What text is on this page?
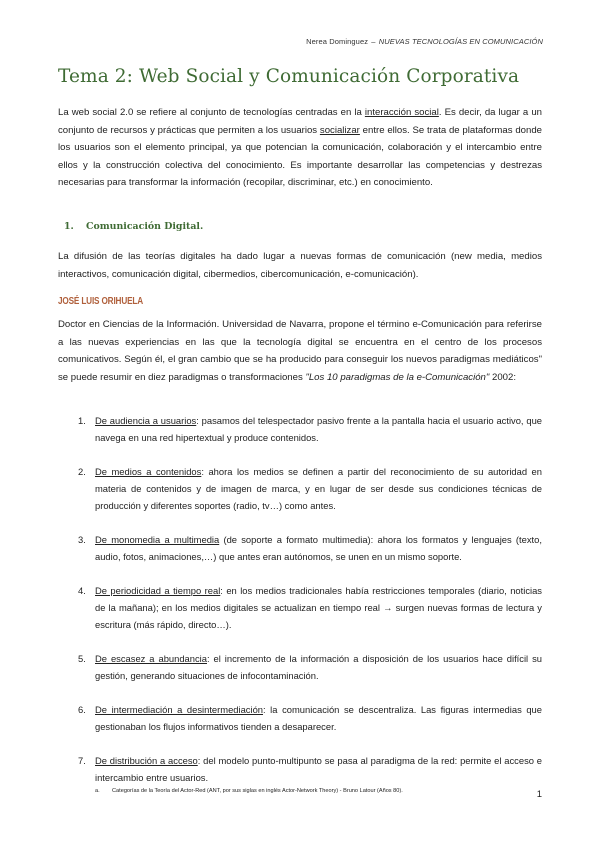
Nerea Dominguez – NUEVAS TECNOLOGÍAS EN COMUNICACIÓN
Tema 2: Web Social y Comunicación Corporativa

La web social 2.0 se refiere al conjunto de tecnologías centradas en la interacción social. Es decir, da lugar a un conjunto de recursos y prácticas que permiten a los usuarios socializar entre ellos. Se trata de plataformas donde los usuarios son el elemento principal, ya que potencian la comunicación, colaboración y el intercambio entre ellos y la construcción colectiva del conocimiento. Es importante desarrollar las competencias y destrezas necesarias para transformar la información (recopilar, discriminar, etc.) en conocimiento.

1. Comunicación Digital.

La difusión de las teorías digitales ha dado lugar a nuevas formas de comunicación (new media, medios interactivos, comunicación digital, cibermedios, cibercomunicación, e-comunicación).

JOSÉ LUIS ORIHUELA

Doctor en Ciencias de la Información. Universidad de Navarra, propone el término e-Comunicación para referirse a las nuevas experiencias en las que la tecnología digital se encuentra en el centro de los procesos comunicativos. Según él, el gran cambio que se ha producido para conseguir los nuevos paradigmas mediáticos" se puede resumir en diez paradigmas o transformaciones "Los 10 paradigmas de la e-Comunicación" 2002:

1. De audiencia a usuarios: pasamos del telespectador pasivo frente a la pantalla hacia el usuario activo, que navega en una red hipertextual y produce contenidos.
2. De medios a contenidos: ahora los medios se definen a partir del reconocimiento de su autoridad en materia de contenidos y de imagen de marca, y en lugar de ser desde sus condiciones técnicas de producción y diferentes soportes (radio, tv…) como antes.
3. De monomedia a multimedia (de soporte a formato multimedia): ahora los formatos y lenguajes (texto, audio, fotos, animaciones,…) que antes eran autónomos, se unen en un mismo soporte.
4. De periodicidad a tiempo real: en los medios tradicionales había restricciones temporales (diario, noticias de la mañana); en los medios digitales se actualizan en tiempo real → surgen nuevas formas de lectura y escritura (más rápido, directo…).
5. De escasez a abundancia: el incremento de la información a disposición de los usuarios hace difícil su gestión, generando situaciones de infocontaminación.
6. De intermediación a desintermediación: la comunicación se descentraliza. Las figuras intermedias que gestionaban los flujos informativos tienden a desaparecer.
7. De distribución a acceso: del modelo punto-multipunto se pasa al paradigma de la red: permite el acceso e intercambio entre usuarios.
a. Categorías de la Teoría del Actor-Red (ANT, por sus siglas en inglés Actor-Network Theory) - Bruno Latour (Años 80).	1
